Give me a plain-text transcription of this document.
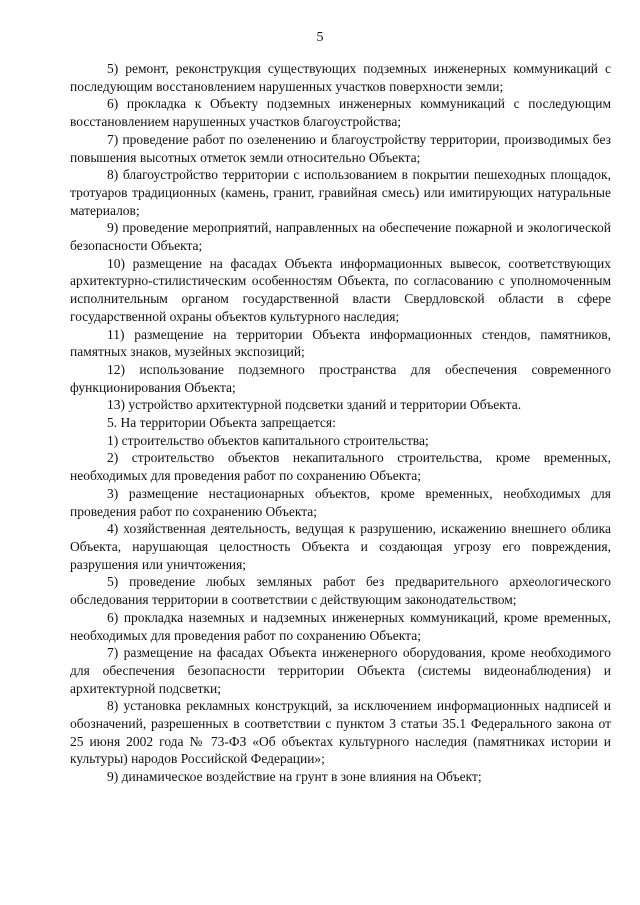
5

5) ремонт, реконструкция существующих подземных инженерных коммуникаций с последующим восстановлением нарушенных участков поверхности земли;

6) прокладка к Объекту подземных инженерных коммуникаций с последующим восстановлением нарушенных участков благоустройства;

7) проведение работ по озеленению и благоустройству территории, производимых без повышения высотных отметок земли относительно Объекта;

8) благоустройство территории с использованием в покрытии пешеходных площадок, тротуаров традиционных (камень, гранит, гравийная смесь) или имитирующих натуральные материалов;

9) проведение мероприятий, направленных на обеспечение пожарной и экологической безопасности Объекта;

10) размещение на фасадах Объекта информационных вывесок, соответствующих архитектурно-стилистическим особенностям Объекта, по согласованию с уполномоченным исполнительным органом государственной власти Свердловской области в сфере государственной охраны объектов культурного наследия;

11) размещение на территории Объекта информационных стендов, памятников, памятных знаков, музейных экспозиций;

12) использование подземного пространства для обеспечения современного функционирования Объекта;

13) устройство архитектурной подсветки зданий и территории Объекта.

5. На территории Объекта запрещается:

1) строительство объектов капитального строительства;

2) строительство объектов некапитального строительства, кроме временных, необходимых для проведения работ по сохранению Объекта;

3) размещение нестационарных объектов, кроме временных, необходимых для проведения работ по сохранению Объекта;

4) хозяйственная деятельность, ведущая к разрушению, искажению внешнего облика Объекта, нарушающая целостность Объекта и создающая угрозу его повреждения, разрушения или уничтожения;

5) проведение любых земляных работ без предварительного археологического обследования территории в соответствии с действующим законодательством;

6) прокладка наземных и надземных инженерных коммуникаций, кроме временных, необходимых для проведения работ по сохранению Объекта;

7) размещение на фасадах Объекта инженерного оборудования, кроме необходимого для обеспечения безопасности территории Объекта (системы видеонаблюдения) и архитектурной подсветки;

8) установка рекламных конструкций, за исключением информационных надписей и обозначений, разрешенных в соответствии с пунктом 3 статьи 35.1 Федерального закона от 25 июня 2002 года № 73-ФЗ «Об объектах культурного наследия (памятниках истории и культуры) народов Российской Федерации»;

9) динамическое воздействие на грунт в зоне влияния на Объект;
